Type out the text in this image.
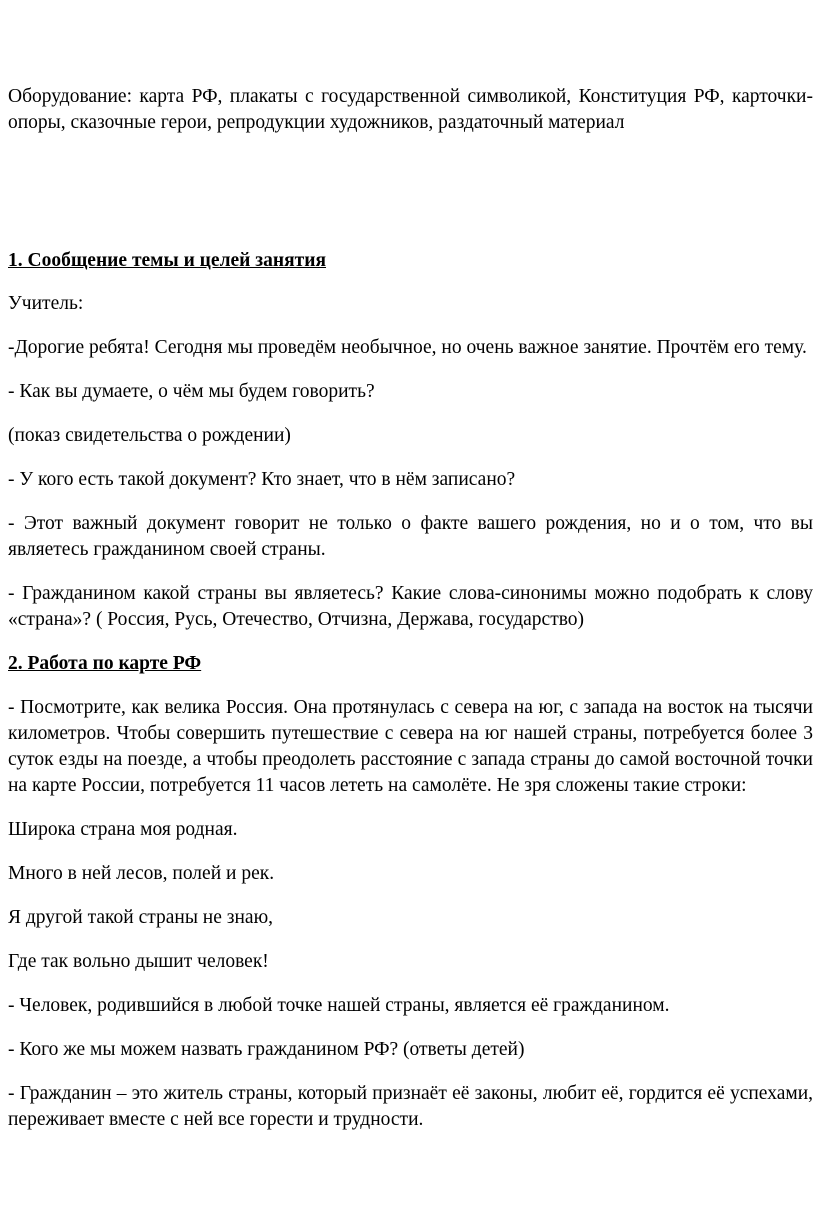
Оборудование: карта РФ, плакаты с государственной символикой, Конституция РФ, карточки-опоры, сказочные герои, репродукции художников, раздаточный материал

1. Сообщение темы и целей занятия

Учитель:

-Дорогие ребята! Сегодня мы проведём необычное, но очень важное занятие. Прочтём его тему.

- Как вы думаете, о чём мы будем говорить?

(показ свидетельства о рождении)

- У кого есть такой документ? Кто знает, что в нём записано?

- Этот важный документ говорит не только о факте вашего рождения, но и о том, что вы являетесь гражданином своей страны.

- Гражданином какой страны вы являетесь? Какие слова-синонимы можно подобрать к слову «страна»? ( Россия, Русь, Отечество, Отчизна, Держава, государство)

2. Работа по карте РФ

- Посмотрите, как велика Россия. Она протянулась с севера на юг, с запада на восток на тысячи километров. Чтобы совершить путешествие с севера на юг нашей страны, потребуется более 3 суток езды на поезде, а чтобы преодолеть расстояние с запада страны до самой восточной точки на карте России, потребуется 11 часов лететь на самолёте. Не зря сложены такие строки:

Широка страна моя родная.

Много в ней лесов, полей и рек.

Я другой такой страны не знаю,

Где так вольно дышит человек!

- Человек, родившийся в любой точке нашей страны, является её гражданином.

- Кого же мы можем назвать гражданином РФ? (ответы детей)

- Гражданин – это житель страны, который признаёт её законы, любит её, гордится её успехами, переживает вместе с ней все горести и трудности.
